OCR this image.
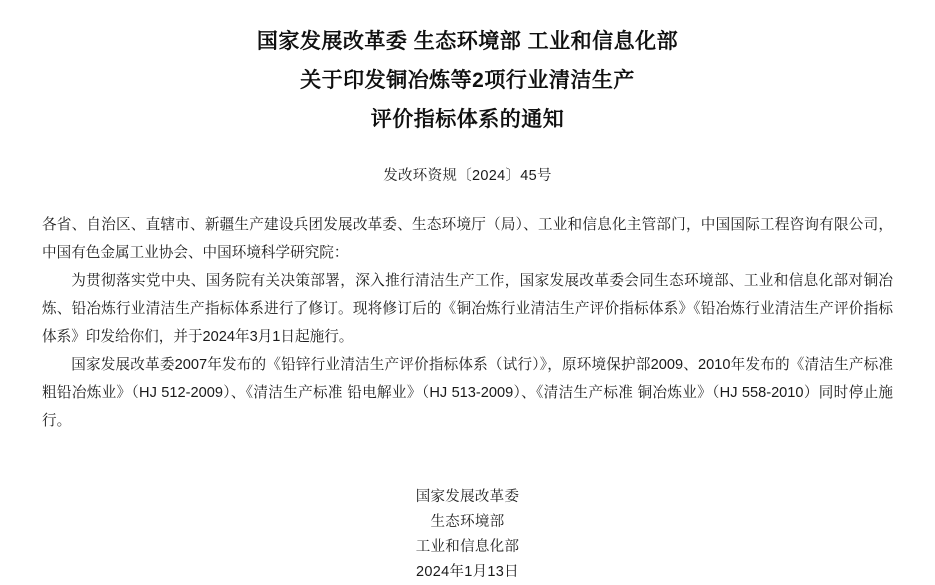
国家发展改革委 生态环境部 工业和信息化部
关于印发铜冶炼等2项行业清洁生产
评价指标体系的通知
发改环资规〔2024〕45号

各省、自治区、直辖市、新疆生产建设兵团发展改革委、生态环境厅（局）、工业和信息化主管部门，中国国际工程咨询有限公司，中国有色金属工业协会、中国环境科学研究院：

为贯彻落实党中央、国务院有关决策部署，深入推行清洁生产工作，国家发展改革委会同生态环境部、工业和信息化部对铜冶炼、铅冶炼行业清洁生产指标体系进行了修订。现将修订后的《铜冶炼行业清洁生产评价指标体系》《铅冶炼行业清洁生产评价指标体系》印发给你们，并于2024年3月1日起施行。

国家发展改革委2007年发布的《铅锌行业清洁生产评价指标体系（试行）》，原环境保护部2009、2010年发布的《清洁生产标准 粗铅冶炼业》（HJ 512-2009）、《清洁生产标准 铅电解业》（HJ 513-2009）、《清洁生产标准 铜冶炼业》（HJ 558-2010）同时停止施行。

国家发展改革委
生态环境部
工业和信息化部
2024年1月13日
